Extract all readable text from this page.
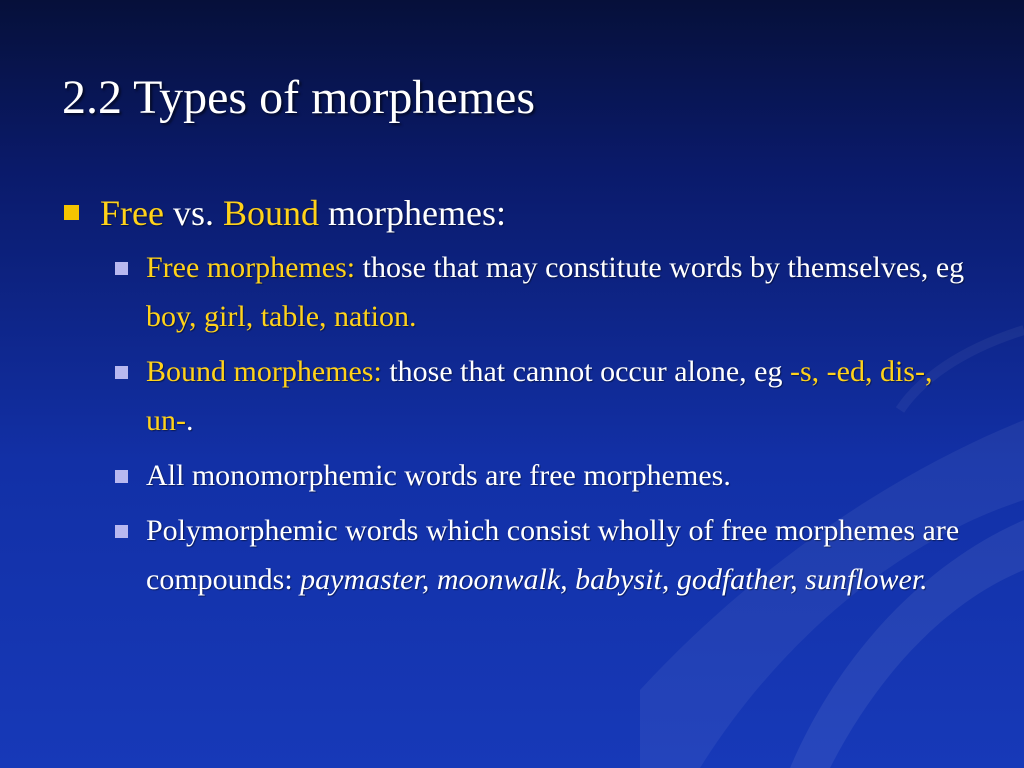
2.2 Types of morphemes
Free vs. Bound morphemes:
Free morphemes: those that may constitute words by themselves, eg boy, girl, table, nation.
Bound morphemes: those that cannot occur alone, eg -s, -ed, dis-, un-.
All monomorphemic words are free morphemes.
Polymorphemic words which consist wholly of free morphemes are compounds: paymaster, moonwalk, babysit, godfather, sunflower.
